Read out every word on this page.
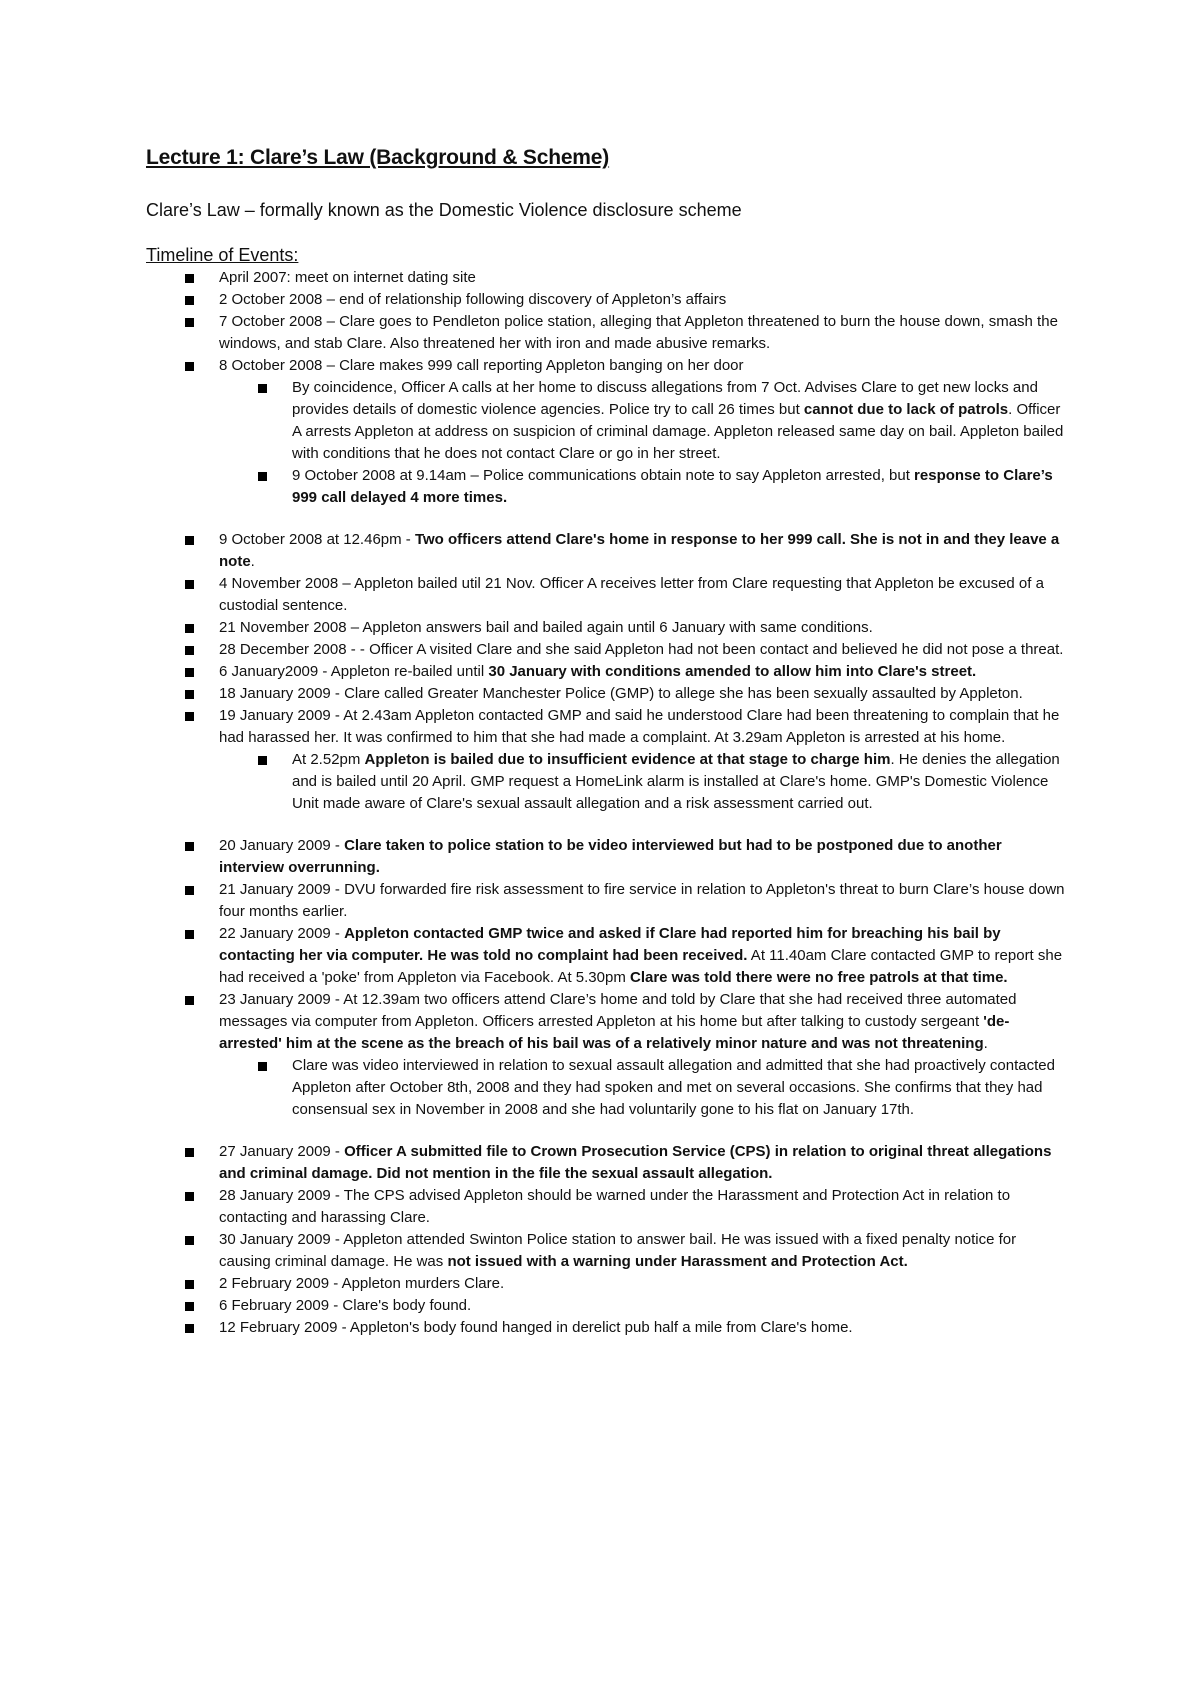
Lecture 1: Clare’s Law (Background & Scheme)
Clare’s Law – formally known as the Domestic Violence disclosure scheme
Timeline of Events:
April 2007: meet on internet dating site
2 October 2008 – end of relationship following discovery of Appleton’s affairs
7 October 2008 – Clare goes to Pendleton police station, alleging that Appleton threatened to burn the house down, smash the windows, and stab Clare. Also threatened her with iron and made abusive remarks.
8 October 2008 – Clare makes 999 call reporting Appleton banging on her door
By coincidence, Officer A calls at her home to discuss allegations from 7 Oct. Advises Clare to get new locks and provides details of domestic violence agencies. Police try to call 26 times but cannot due to lack of patrols. Officer A arrests Appleton at address on suspicion of criminal damage. Appleton released same day on bail. Appleton bailed with conditions that he does not contact Clare or go in her street.
9 October 2008 at 9.14am – Police communications obtain note to say Appleton arrested, but response to Clare’s 999 call delayed 4 more times.
9 October 2008 at 12.46pm - Two officers attend Clare's home in response to her 999 call. She is not in and they leave a note.
4 November 2008 – Appleton bailed util 21 Nov. Officer A receives letter from Clare requesting that Appleton be excused of a custodial sentence.
21 November 2008 – Appleton answers bail and bailed again until 6 January with same conditions.
28 December 2008 - - Officer A visited Clare and she said Appleton had not been contact and believed he did not pose a threat.
6 January2009 - Appleton re-bailed until 30 January with conditions amended to allow him into Clare's street.
18 January 2009 - Clare called Greater Manchester Police (GMP) to allege she has been sexually assaulted by Appleton.
19 January 2009 - At 2.43am Appleton contacted GMP and said he understood Clare had been threatening to complain that he had harassed her. It was confirmed to him that she had made a complaint. At 3.29am Appleton is arrested at his home.
At 2.52pm Appleton is bailed due to insufficient evidence at that stage to charge him. He denies the allegation and is bailed until 20 April. GMP request a HomeLink alarm is installed at Clare's home. GMP's Domestic Violence Unit made aware of Clare's sexual assault allegation and a risk assessment carried out.
20 January 2009 - Clare taken to police station to be video interviewed but had to be postponed due to another interview overrunning.
21 January 2009 - DVU forwarded fire risk assessment to fire service in relation to Appleton's threat to burn Clare’s house down four months earlier.
22 January 2009 - Appleton contacted GMP twice and asked if Clare had reported him for breaching his bail by contacting her via computer. He was told no complaint had been received. At 11.40am Clare contacted GMP to report she had received a 'poke' from Appleton via Facebook. At 5.30pm Clare was told there were no free patrols at that time.
23 January 2009 - At 12.39am two officers attend Clare’s home and told by Clare that she had received three automated messages via computer from Appleton. Officers arrested Appleton at his home but after talking to custody sergeant 'de-arrested' him at the scene as the breach of his bail was of a relatively minor nature and was not threatening.
Clare was video interviewed in relation to sexual assault allegation and admitted that she had proactively contacted Appleton after October 8th, 2008 and they had spoken and met on several occasions. She confirms that they had consensual sex in November in 2008 and she had voluntarily gone to his flat on January 17th.
27 January 2009 - Officer A submitted file to Crown Prosecution Service (CPS) in relation to original threat allegations and criminal damage. Did not mention in the file the sexual assault allegation.
28 January 2009 - The CPS advised Appleton should be warned under the Harassment and Protection Act in relation to contacting and harassing Clare.
30 January 2009 - Appleton attended Swinton Police station to answer bail. He was issued with a fixed penalty notice for causing criminal damage. He was not issued with a warning under Harassment and Protection Act.
2 February 2009 - Appleton murders Clare.
6 February 2009 - Clare's body found.
12 February 2009 - Appleton's body found hanged in derelict pub half a mile from Clare's home.
